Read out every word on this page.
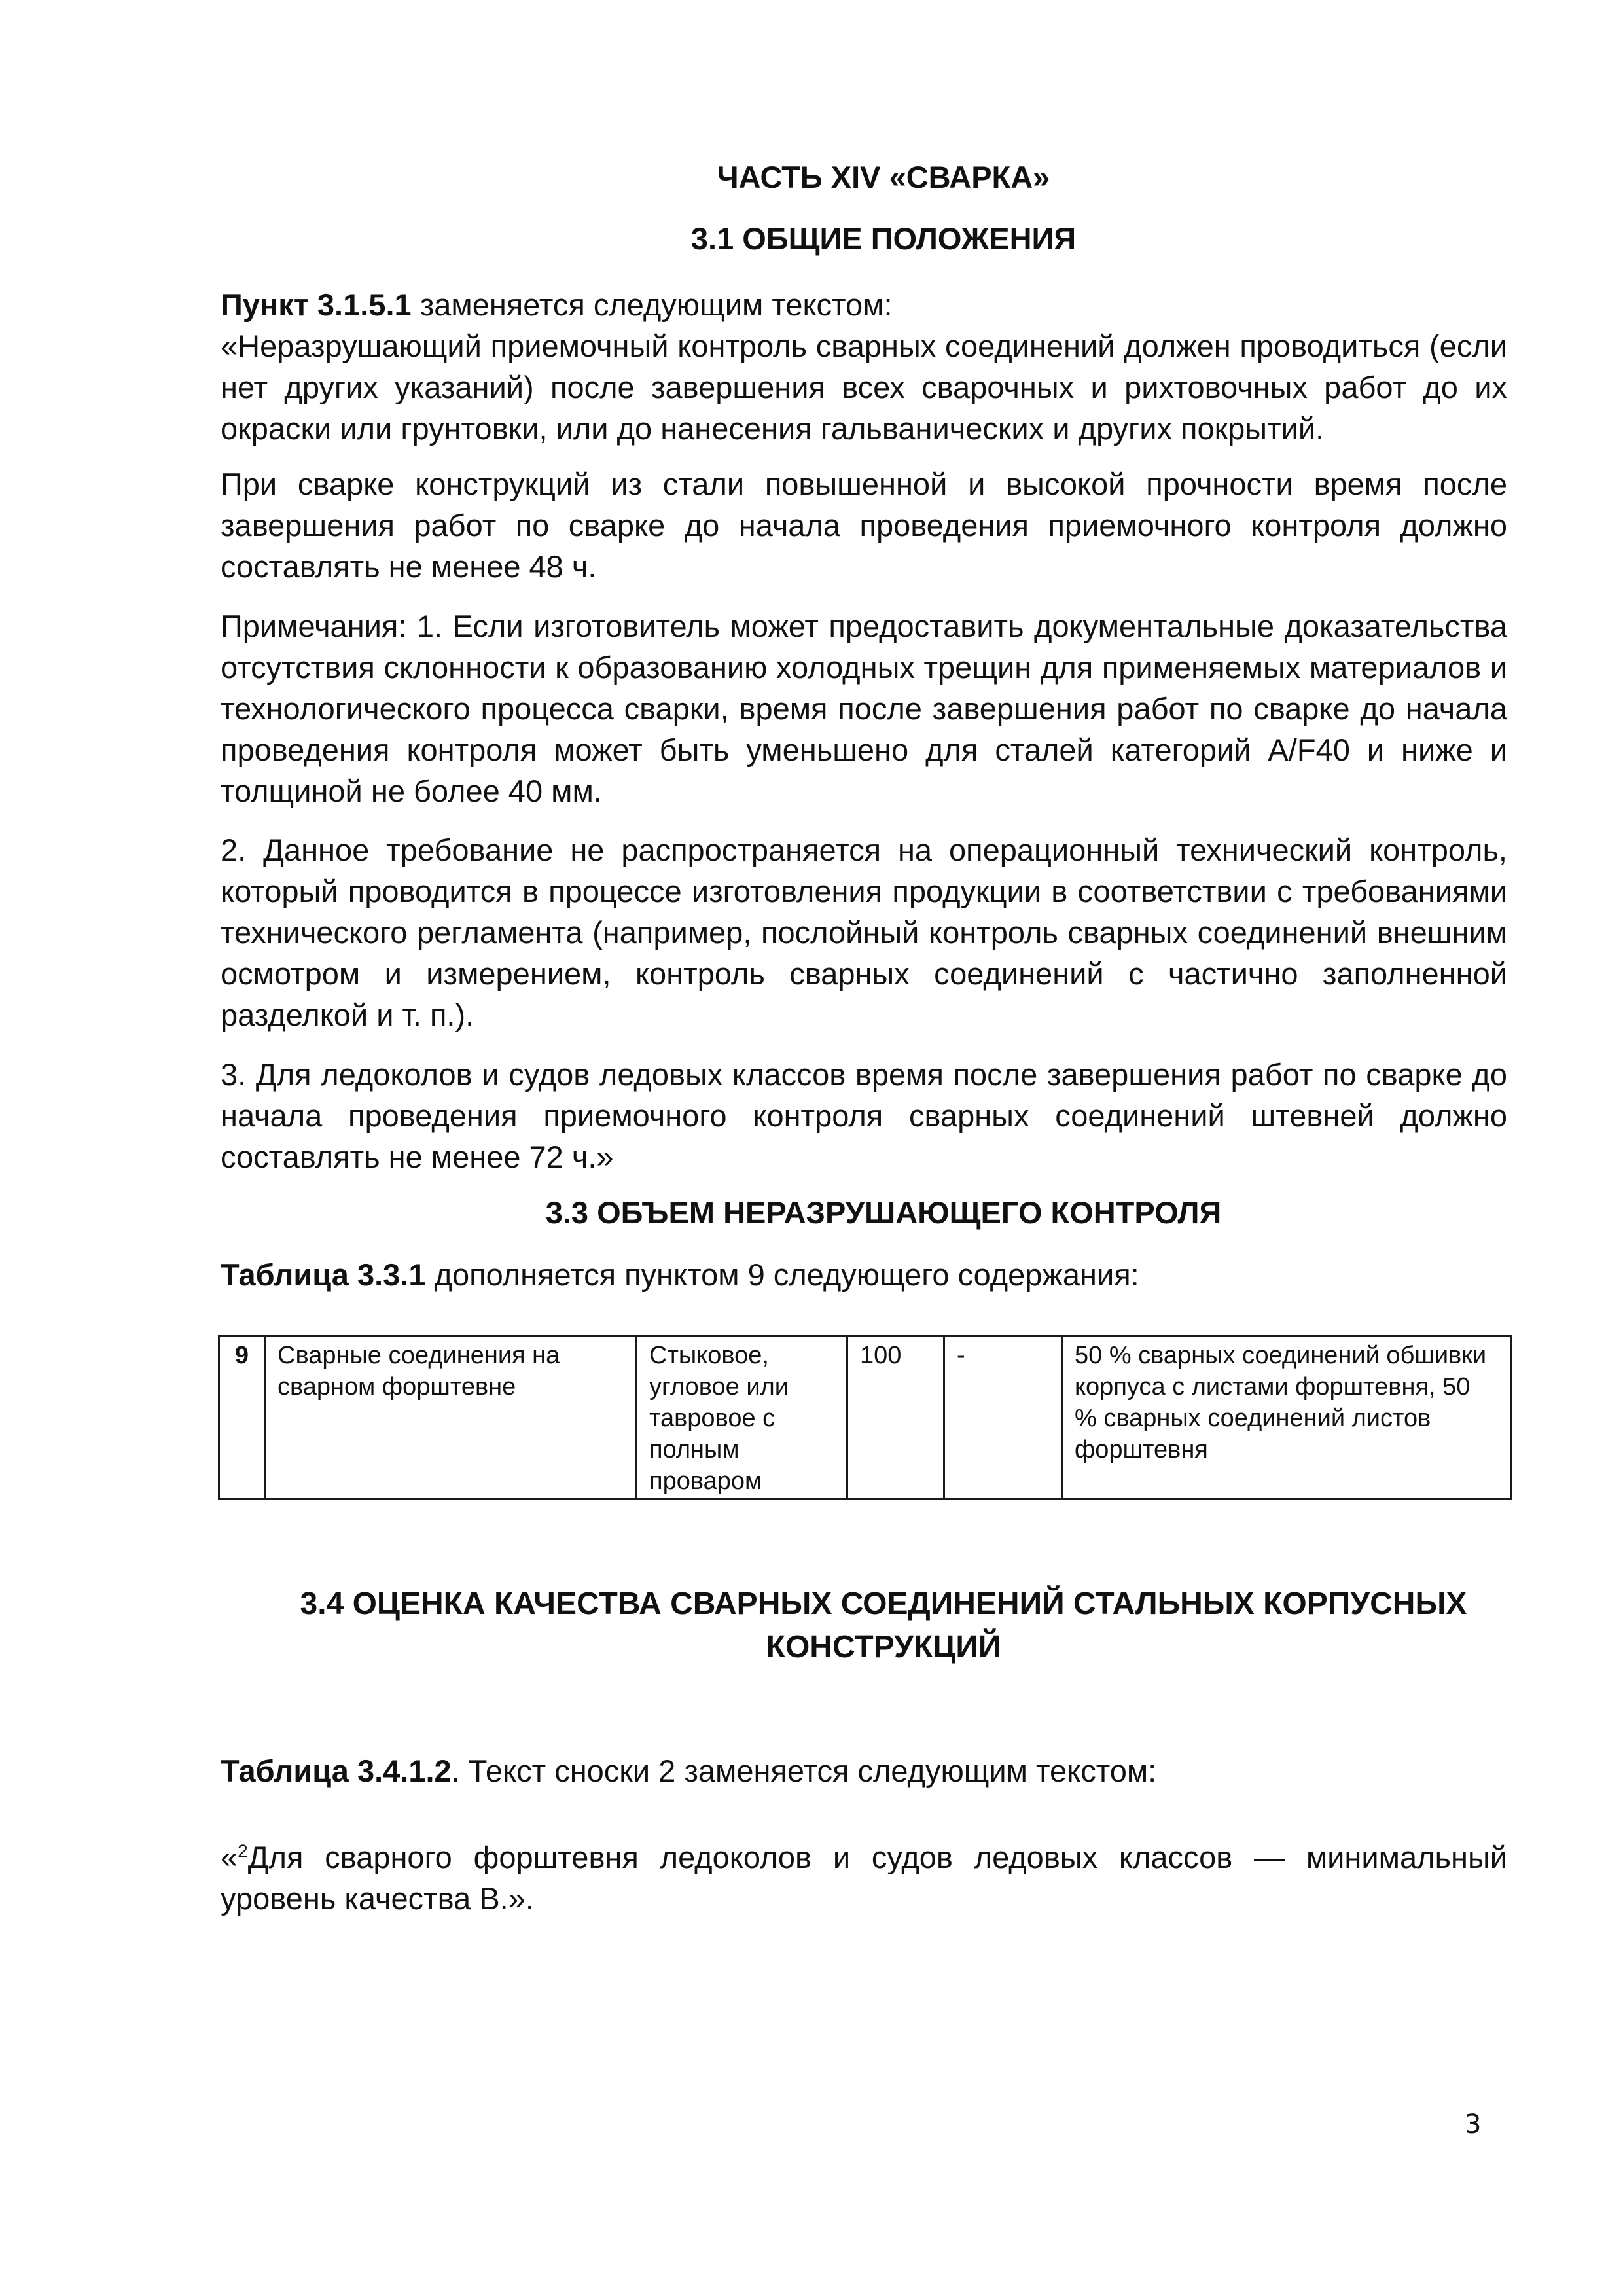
ЧАСТЬ XIV «СВАРКА»
3.1 ОБЩИЕ ПОЛОЖЕНИЯ

Пункт 3.1.5.1 заменяется следующим текстом:

«Неразрушающий приемочный контроль сварных соединений должен проводиться (если нет других указаний) после завершения всех сварочных и рихтовочных работ до их окраски или грунтовки, или до нанесения гальванических и других покрытий.

При сварке конструкций из стали повышенной и высокой прочности время после завершения работ по сварке до начала проведения приемочного контроля должно составлять не менее 48 ч.

Примечания: 1. Если изготовитель может предоставить документальные доказательства отсутствия склонности к образованию холодных трещин для применяемых материалов и технологического процесса сварки, время после завершения работ по сварке до начала проведения контроля может быть уменьшено для сталей категорий A/F40 и ниже и толщиной не более 40 мм.

2. Данное требование не распространяется на операционный технический контроль, который проводится в процессе изготовления продукции в соответствии с требованиями технического регламента (например, послойный контроль сварных соединений внешним осмотром и измерением, контроль сварных соединений с частично заполненной разделкой и т. п.).

3. Для ледоколов и судов ледовых классов время после завершения работ по сварке до начала проведения приемочного контроля сварных соединений штевней должно составлять не менее 72 ч.»

3.3 ОБЪЕМ НЕРАЗРУШАЮЩЕГО КОНТРОЛЯ

Таблица 3.3.1 дополняется пунктом 9 следующего содержания:

9	Сварные соединения на сварном форштевне	Стыковое, угловое или тавровое с полным проваром	100	-	50 % сварных соединений обшивки корпуса с листами форштевня, 50 % сварных соединений листов форштевня
3.4 ОЦЕНКА КАЧЕСТВА СВАРНЫХ СОЕДИНЕНИЙ СТАЛЬНЫХ КОРПУСНЫХ
КОНСТРУКЦИЙ

Таблица 3.4.1.2. Текст сноски 2 заменяется следующим текстом:

«$^2$Для сварного форштевня ледоколов и судов ледовых классов — минимальный уровень качества В.».

3
